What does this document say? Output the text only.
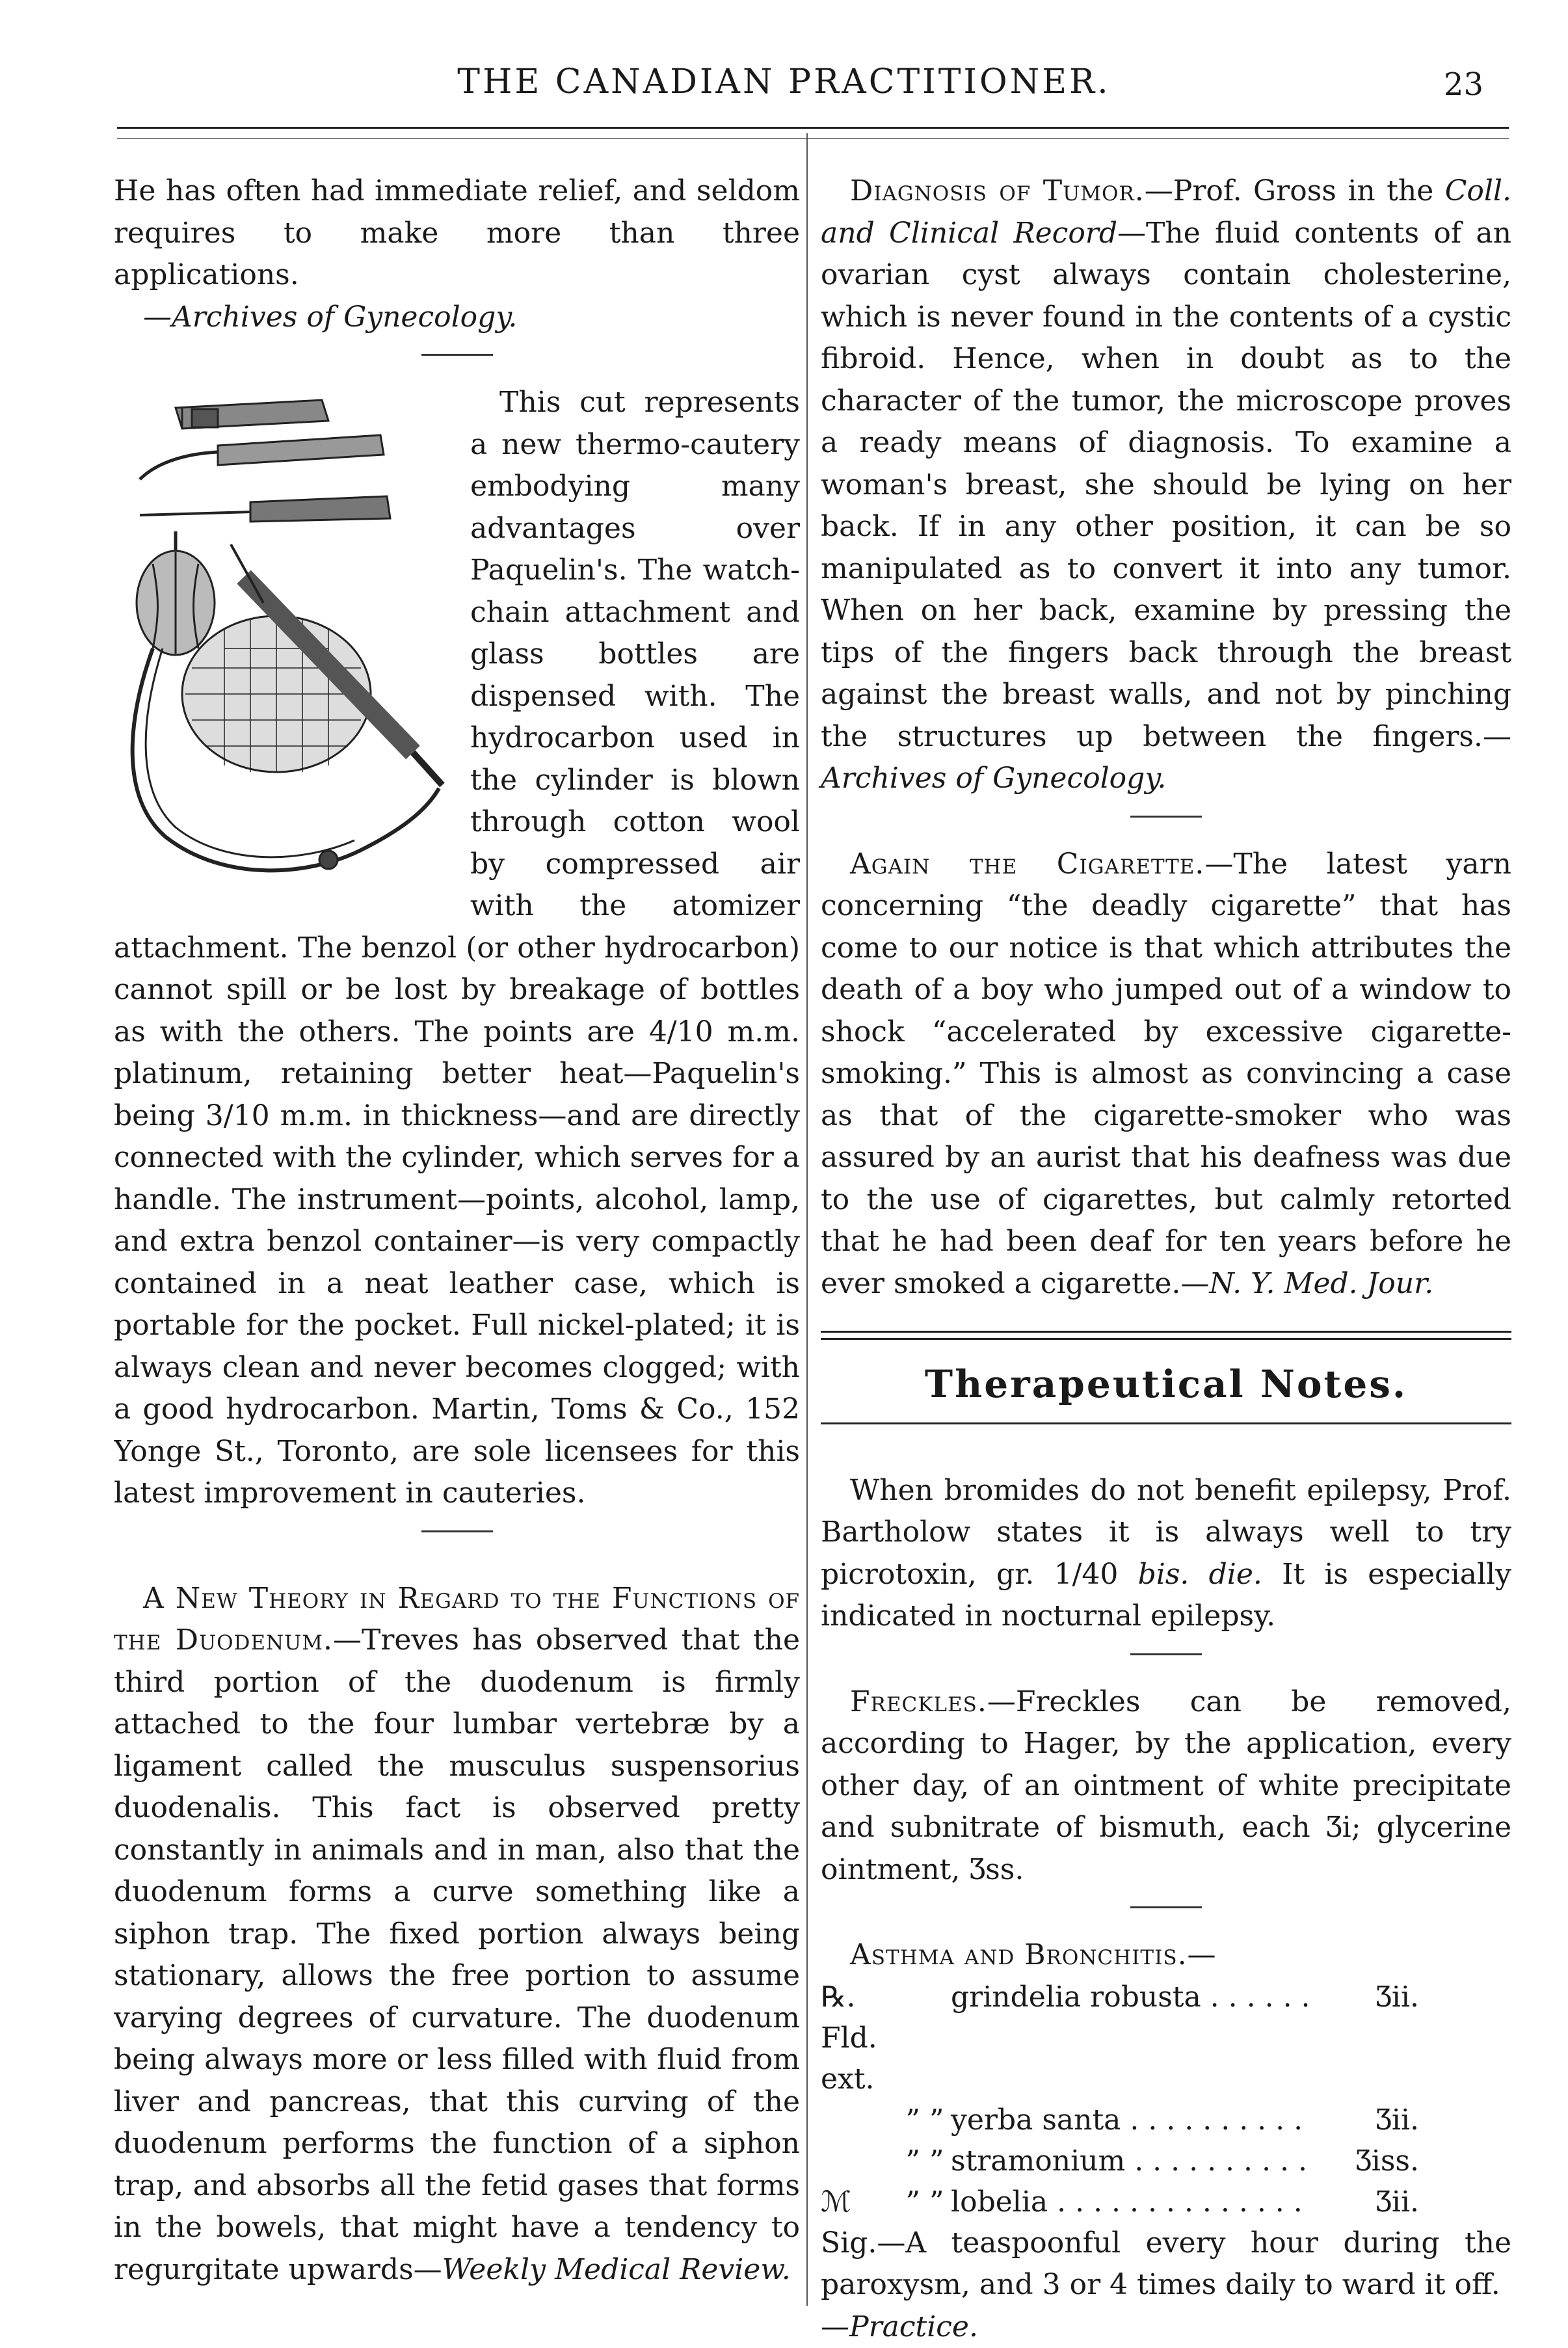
THE CANADIAN PRACTITIONER.	23

He has often had immediate relief, and seldom requires to make more than three applications.

—Archives of Gynecology.

This cut represents a new thermo-cautery embodying many advantages over Paquelin's. The watch-chain attachment and glass bottles are dispensed with. The hydrocarbon used in the cylinder is blown through cotton wool by compressed air with the atomizer attachment. The benzol (or other hydrocarbon) cannot spill or be lost by breakage of bottles as with the others. The points are 4/10 m.m. platinum, retaining better heat—Paquelin's being 3/10 m.m. in thickness—and are directly connected with the cylinder, which serves for a handle. The instrument—points, alcohol, lamp, and extra benzol container—is very compactly contained in a neat leather case, which is portable for the pocket. Full nickel-plated; it is always clean and never becomes clogged; with a good hydrocarbon. Martin, Toms & Co., 152 Yonge St., Toronto, are sole licensees for this latest improvement in cauteries.

A New Theory in Regard to the Functions of the Duodenum.—Treves has observed that the third portion of the duodenum is firmly attached to the four lumbar vertebræ by a ligament called the musculus suspensorius duodenalis. This fact is observed pretty constantly in animals and in man, also that the duodenum forms a curve something like a siphon trap. The fixed portion always being stationary, allows the free portion to assume varying degrees of curvature. The duodenum being always more or less filled with fluid from liver and pancreas, that this curving of the duodenum performs the function of a siphon trap, and absorbs all the fetid gases that forms in the bowels, that might have a tendency to regurgitate upwards—Weekly Medical Review.

Diagnosis of Tumor.—Prof. Gross in the Coll. and Clinical Record—The fluid contents of an ovarian cyst always contain cholesterine, which is never found in the contents of a cystic fibroid. Hence, when in doubt as to the character of the tumor, the microscope proves a ready means of diagnosis. To examine a woman's breast, she should be lying on her back. If in any other position, it can be so manipulated as to convert it into any tumor. When on her back, examine by pressing the tips of the fingers back through the breast against the breast walls, and not by pinching the structures up between the fingers.—Archives of Gynecology.

Again the Cigarette.—The latest yarn concerning “the deadly cigarette” that has come to our notice is that which attributes the death of a boy who jumped out of a window to shock “accelerated by excessive cigarette-smoking.” This is almost as convincing a case as that of the cigarette-smoker who was assured by an aurist that his deafness was due to the use of cigarettes, but calmly retorted that he had been deaf for ten years before he ever smoked a cigarette.—N. Y. Med. Jour.

Therapeutical Notes.

When bromides do not benefit epilepsy, Prof. Bartholow states it is always well to try picrotoxin, gr. 1/40 bis. die. It is especially indicated in nocturnal epilepsy.

Freckles.—Freckles can be removed, according to Hager, by the application, every other day, of an ointment of white precipitate and subnitrate of bismuth, each Ʒi; glycerine ointment, Ʒss.

Asthma and Bronchitis.—

℞. Fld. ext.		grindelia robusta . . . . . .	Ʒii.
	” ”	yerba santa . . . . . . . . . .	Ʒii.
	” ”	stramonium . . . . . . . . . .	Ʒiss.
ℳ	” ”	lobelia . . . . . . . . . . . . . .	Ʒii.

Sig.—A teaspoonful every hour during the paroxysm, and 3 or 4 times daily to ward it off.

—Practice.
